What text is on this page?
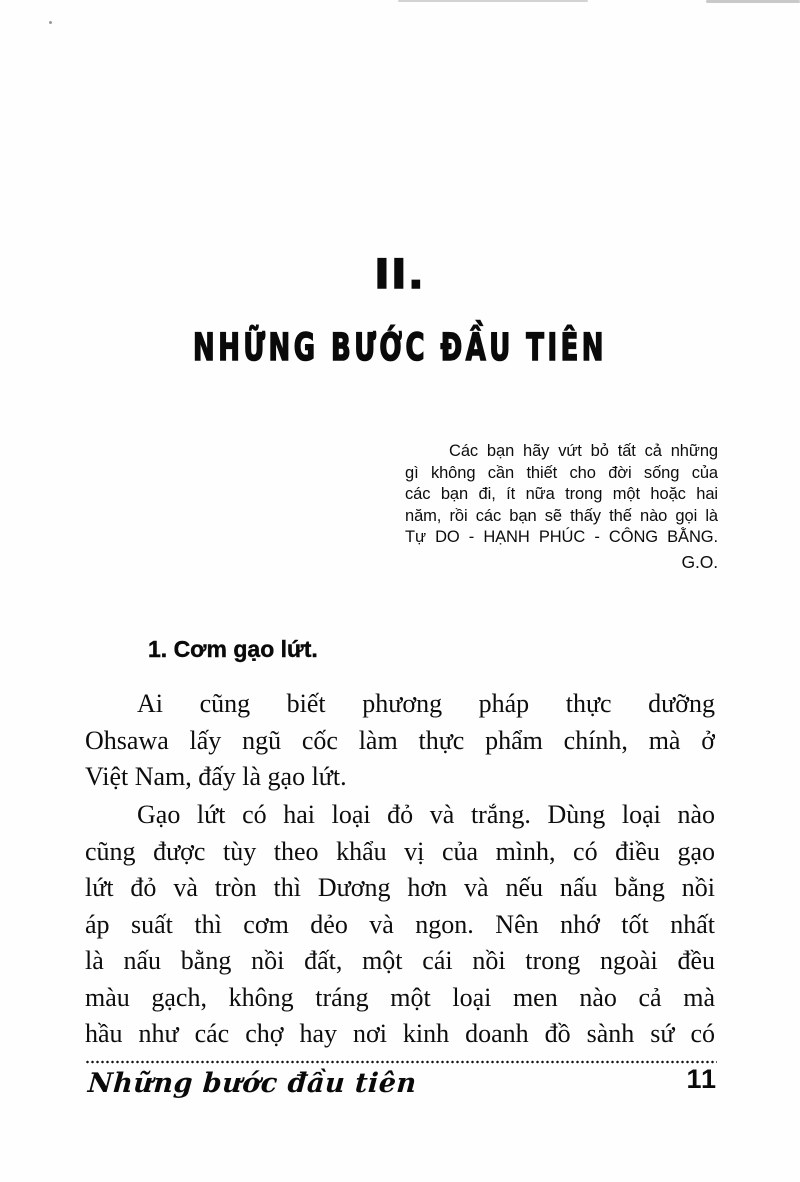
II.
NHỮNG BƯỚC ĐẦU TIÊN
Các bạn hãy vứt bỏ tất cả những
gì không cần thiết cho đời sống của
các bạn đi, ít nữa trong một hoặc hai
năm, rồi các bạn sẽ thấy thế nào gọi là
Tự DO - HẠNH PHÚC - CÔNG BẰNG.
G.O.
1. Cơm gạo lứt.
Ai cũng biết phương pháp thực dưỡng
Ohsawa lấy ngũ cốc làm thực phẩm chính, mà ở
Việt Nam, đấy là gạo lứt.
Gạo lứt có hai loại đỏ và trắng. Dùng loại nào
cũng được tùy theo khẩu vị của mình, có điều gạo
lứt đỏ và tròn thì Dương hơn và nếu nấu bằng nồi
áp suất thì cơm dẻo và ngon. Nên nhớ tốt nhất
là nấu bằng nồi đất, một cái nồi trong ngoài đều
màu gạch, không tráng một loại men nào cả mà
hầu như các chợ hay nơi kinh doanh đồ sành sứ có
Những bước đầu tiên	11
